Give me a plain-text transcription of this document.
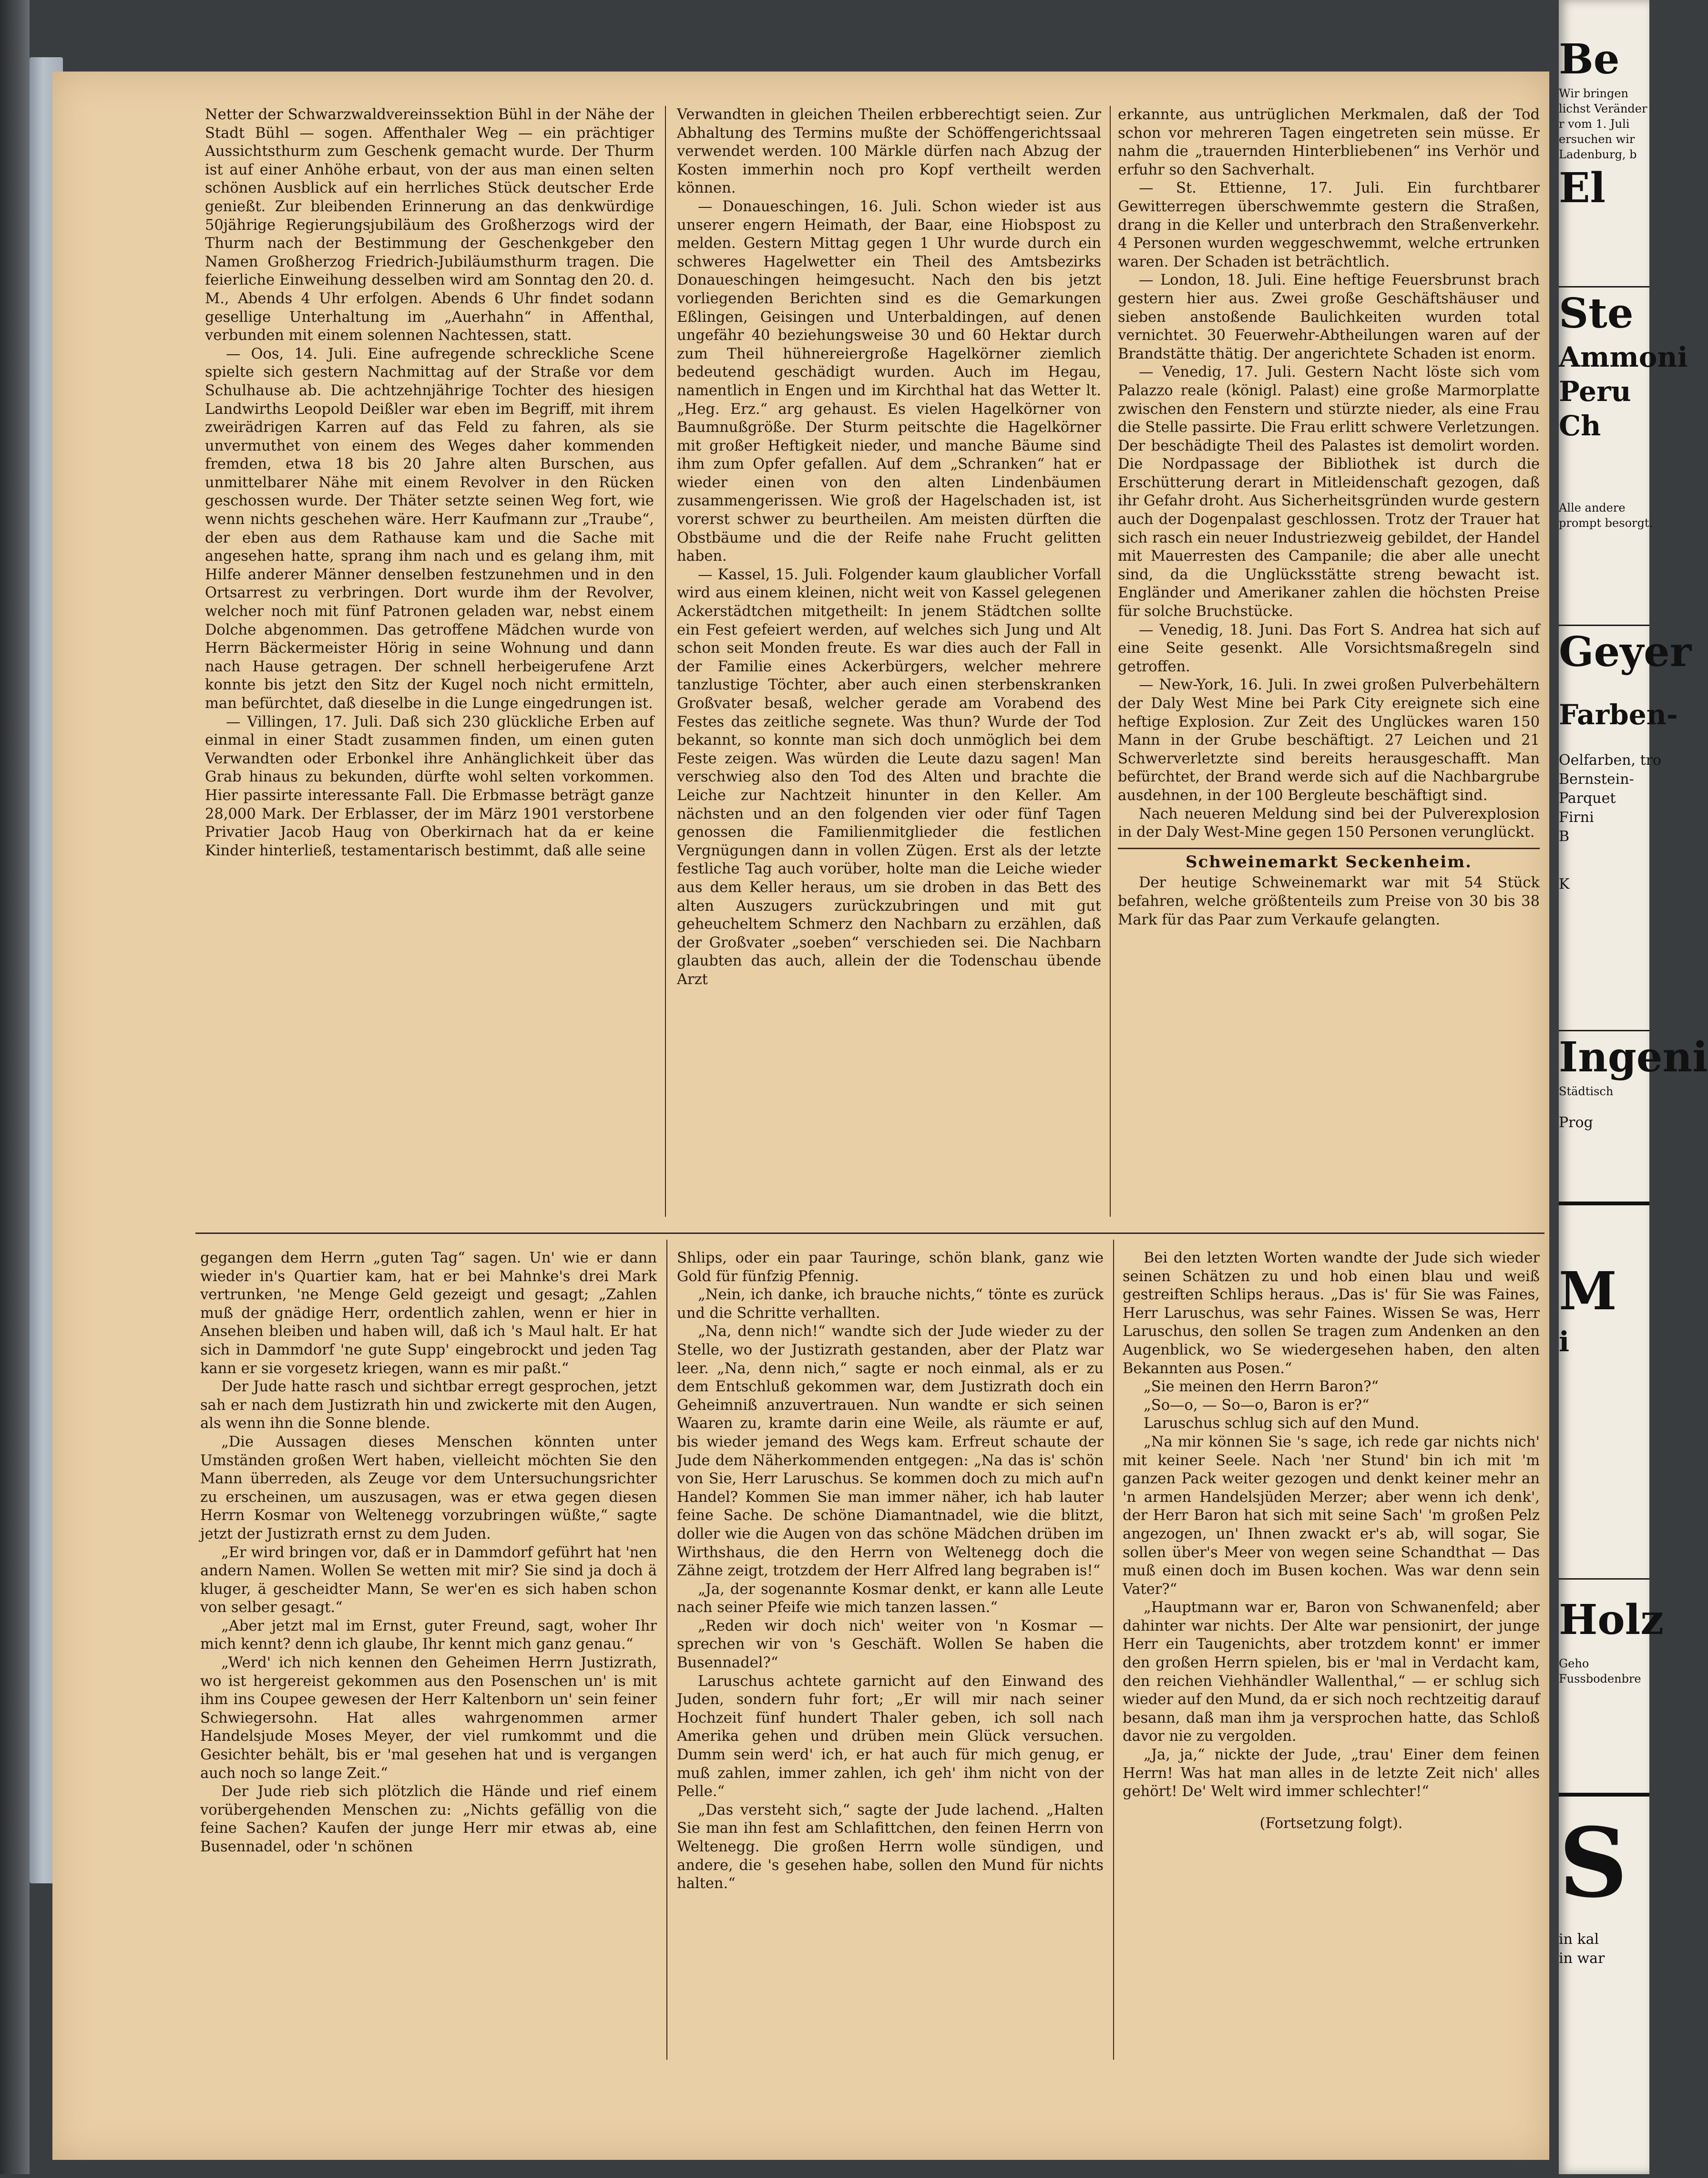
Netter der Schwarzwaldvereinssektion Bühl in der Nähe der Stadt Bühl — sogen. Affenthaler Weg — ein prächtiger Aussichtsthurm zum Geschenk gemacht wurde. Der Thurm ist auf einer Anhöhe erbaut, von der aus man einen selten schönen Ausblick auf ein herrliches Stück deutscher Erde genießt. Zur bleibenden Erinnerung an das denkwürdige 50jährige Regierungsjubiläum des Großherzogs wird der Thurm nach der Bestimmung der Geschenkgeber den Namen Großherzog Friedrich-Jubiläumsthurm tragen. Die feierliche Einweihung desselben wird am Sonntag den 20. d. M., Abends 4 Uhr erfolgen. Abends 6 Uhr findet sodann gesellige Unterhaltung im „Auerhahn“ in Affenthal, verbunden mit einem solennen Nachtessen, statt.

— Oos, 14. Juli. Eine aufregende schreckliche Scene spielte sich gestern Nachmittag auf der Straße vor dem Schulhause ab. Die achtzehnjährige Tochter des hiesigen Landwirths Leopold Deißler war eben im Begriff, mit ihrem zweirädrigen Karren auf das Feld zu fahren, als sie unvermuthet von einem des Weges daher kommenden fremden, etwa 18 bis 20 Jahre alten Burschen, aus unmittelbarer Nähe mit einem Revolver in den Rücken geschossen wurde. Der Thäter setzte seinen Weg fort, wie wenn nichts geschehen wäre. Herr Kaufmann zur „Traube“, der eben aus dem Rathause kam und die Sache mit angesehen hatte, sprang ihm nach und es gelang ihm, mit Hilfe anderer Männer denselben festzunehmen und in den Ortsarrest zu verbringen. Dort wurde ihm der Revolver, welcher noch mit fünf Patronen geladen war, nebst einem Dolche abgenommen. Das getroffene Mädchen wurde von Herrn Bäckermeister Hörig in seine Wohnung und dann nach Hause getragen. Der schnell herbeigerufene Arzt konnte bis jetzt den Sitz der Kugel noch nicht ermitteln, man befürchtet, daß dieselbe in die Lunge eingedrungen ist.

— Villingen, 17. Juli. Daß sich 230 glückliche Erben auf einmal in einer Stadt zusammen finden, um einen guten Verwandten oder Erbonkel ihre Anhänglichkeit über das Grab hinaus zu bekunden, dürfte wohl selten vorkommen. Hier passirte interessante Fall. Die Erbmasse beträgt ganze 28,000 Mark. Der Erblasser, der im März 1901 verstorbene Privatier Jacob Haug von Oberkirnach hat da er keine Kinder hinterließ, testamentarisch bestimmt, daß alle seine

Verwandten in gleichen Theilen erbberechtigt seien. Zur Abhaltung des Termins mußte der Schöffengerichtssaal verwendet werden. 100 Märkle dürfen nach Abzug der Kosten immerhin noch pro Kopf vertheilt werden können.

— Donaueschingen, 16. Juli. Schon wieder ist aus unserer engern Heimath, der Baar, eine Hiobspost zu melden. Gestern Mittag gegen 1 Uhr wurde durch ein schweres Hagelwetter ein Theil des Amtsbezirks Donaueschingen heimgesucht. Nach den bis jetzt vorliegenden Berichten sind es die Gemarkungen Eßlingen, Geisingen und Unterbaldingen, auf denen ungefähr 40 beziehungsweise 30 und 60 Hektar durch zum Theil hühnereiergroße Hagelkörner ziemlich bedeutend geschädigt wurden. Auch im Hegau, namentlich in Engen und im Kirchthal hat das Wetter lt. „Heg. Erz.“ arg gehaust. Es vielen Hagelkörner von Baumnußgröße. Der Sturm peitschte die Hagelkörner mit großer Heftigkeit nieder, und manche Bäume sind ihm zum Opfer gefallen. Auf dem „Schranken“ hat er wieder einen von den alten Lindenbäumen zusammengerissen. Wie groß der Hagelschaden ist, ist vorerst schwer zu beurtheilen. Am meisten dürften die Obstbäume und die der Reife nahe Frucht gelitten haben.

— Kassel, 15. Juli. Folgender kaum glaublicher Vorfall wird aus einem kleinen, nicht weit von Kassel gelegenen Ackerstädtchen mitgetheilt: In jenem Städtchen sollte ein Fest gefeiert werden, auf welches sich Jung und Alt schon seit Monden freute. Es war dies auch der Fall in der Familie eines Ackerbürgers, welcher mehrere tanzlustige Töchter, aber auch einen sterbenskranken Großvater besaß, welcher gerade am Vorabend des Festes das zeitliche segnete. Was thun? Wurde der Tod bekannt, so konnte man sich doch unmöglich bei dem Feste zeigen. Was würden die Leute dazu sagen! Man verschwieg also den Tod des Alten und brachte die Leiche zur Nachtzeit hinunter in den Keller. Am nächsten und an den folgenden vier oder fünf Tagen genossen die Familienmitglieder die festlichen Vergnügungen dann in vollen Zügen. Erst als der letzte festliche Tag auch vorüber, holte man die Leiche wieder aus dem Keller heraus, um sie droben in das Bett des alten Auszugers zurückzubringen und mit gut geheucheltem Schmerz den Nachbarn zu erzählen, daß der Großvater „soeben“ verschieden sei. Die Nachbarn glaubten das auch, allein der die Todenschau übende Arzt

erkannte, aus untrüglichen Merkmalen, daß der Tod schon vor mehreren Tagen eingetreten sein müsse. Er nahm die „trauernden Hinterbliebenen“ ins Verhör und erfuhr so den Sachverhalt.

— St. Ettienne, 17. Juli. Ein furchtbarer Gewitterregen überschwemmte gestern die Straßen, drang in die Keller und unterbrach den Straßenverkehr. 4 Personen wurden weggeschwemmt, welche ertrunken waren. Der Schaden ist beträchtlich.

— London, 18. Juli. Eine heftige Feuersbrunst brach gestern hier aus. Zwei große Geschäftshäuser und sieben anstoßende Baulichkeiten wurden total vernichtet. 30 Feuerwehr-Abtheilungen waren auf der Brandstätte thätig. Der angerichtete Schaden ist enorm.

— Venedig, 17. Juli. Gestern Nacht löste sich vom Palazzo reale (königl. Palast) eine große Marmorplatte zwischen den Fenstern und stürzte nieder, als eine Frau die Stelle passirte. Die Frau erlitt schwere Verletzungen. Der beschädigte Theil des Palastes ist demolirt worden. Die Nordpassage der Bibliothek ist durch die Erschütterung derart in Mitleidenschaft gezogen, daß ihr Gefahr droht. Aus Sicherheitsgründen wurde gestern auch der Dogenpalast geschlossen. Trotz der Trauer hat sich rasch ein neuer Industriezweig gebildet, der Handel mit Mauerresten des Campanile; die aber alle unecht sind, da die Unglücksstätte streng bewacht ist. Engländer und Amerikaner zahlen die höchsten Preise für solche Bruchstücke.

— Venedig, 18. Juni. Das Fort S. Andrea hat sich auf eine Seite gesenkt. Alle Vorsichtsmaßregeln sind getroffen.

— New-York, 16. Juli. In zwei großen Pulverbehältern der Daly West Mine bei Park City ereignete sich eine heftige Explosion. Zur Zeit des Unglückes waren 150 Mann in der Grube beschäftigt. 27 Leichen und 21 Schwerverletzte sind bereits herausgeschafft. Man befürchtet, der Brand werde sich auf die Nachbargrube ausdehnen, in der 100 Bergleute beschäftigt sind.

Nach neueren Meldung sind bei der Pulverexplosion in der Daly West-Mine gegen 150 Personen verunglückt.

Schweinemarkt Seckenheim.

Der heutige Schweinemarkt war mit 54 Stück befahren, welche größtenteils zum Preise von 30 bis 38 Mark für das Paar zum Verkaufe gelangten.

gegangen dem Herrn „guten Tag“ sagen. Un' wie er dann wieder in's Quartier kam, hat er bei Mahnke's drei Mark vertrunken, 'ne Menge Geld gezeigt und gesagt; „Zahlen muß der gnädige Herr, ordentlich zahlen, wenn er hier in Ansehen bleiben und haben will, daß ich 's Maul halt. Er hat sich in Dammdorf 'ne gute Supp' eingebrockt und jeden Tag kann er sie vorgesetz kriegen, wann es mir paßt.“

Der Jude hatte rasch und sichtbar erregt gesprochen, jetzt sah er nach dem Justizrath hin und zwickerte mit den Augen, als wenn ihn die Sonne blende.

„Die Aussagen dieses Menschen könnten unter Umständen großen Wert haben, vielleicht möchten Sie den Mann überreden, als Zeuge vor dem Untersuchungsrichter zu erscheinen, um auszusagen, was er etwa gegen diesen Herrn Kosmar von Weltenegg vorzubringen wüßte,“ sagte jetzt der Justizrath ernst zu dem Juden.

„Er wird bringen vor, daß er in Dammdorf geführt hat 'nen andern Namen. Wollen Se wetten mit mir? Sie sind ja doch ä kluger, ä gescheidter Mann, Se wer'en es sich haben schon von selber gesagt.“

„Aber jetzt mal im Ernst, guter Freund, sagt, woher Ihr mich kennt? denn ich glaube, Ihr kennt mich ganz genau.“

„Werd' ich nich kennen den Geheimen Herrn Justizrath, wo ist hergereist gekommen aus den Posenschen un' is mit ihm ins Coupee gewesen der Herr Kaltenborn un' sein feiner Schwiegersohn. Hat alles wahrgenommen armer Handelsjude Moses Meyer, der viel rumkommt und die Gesichter behält, bis er 'mal gesehen hat und is vergangen auch noch so lange Zeit.“

Der Jude rieb sich plötzlich die Hände und rief einem vorübergehenden Menschen zu: „Nichts gefällig von die feine Sachen? Kaufen der junge Herr mir etwas ab, eine Busennadel, oder 'n schönen

Shlips, oder ein paar Tauringe, schön blank, ganz wie Gold für fünfzig Pfennig.

„Nein, ich danke, ich brauche nichts,“ tönte es zurück und die Schritte verhallten.

„Na, denn nich!“ wandte sich der Jude wieder zu der Stelle, wo der Justizrath gestanden, aber der Platz war leer. „Na, denn nich,“ sagte er noch einmal, als er zu dem Entschluß gekommen war, dem Justizrath doch ein Geheimniß anzuvertrauen. Nun wandte er sich seinen Waaren zu, kramte darin eine Weile, als räumte er auf, bis wieder jemand des Wegs kam. Erfreut schaute der Jude dem Näherkommenden entgegen: „Na das is' schön von Sie, Herr Laruschus. Se kommen doch zu mich auf'n Handel? Kommen Sie man immer näher, ich hab lauter feine Sache. De schöne Diamantnadel, wie die blitzt, doller wie die Augen von das schöne Mädchen drüben im Wirthshaus, die den Herrn von Weltenegg doch die Zähne zeigt, trotzdem der Herr Alfred lang begraben is!“

„Ja, der sogenannte Kosmar denkt, er kann alle Leute nach seiner Pfeife wie mich tanzen lassen.“

„Reden wir doch nich' weiter von 'n Kosmar — sprechen wir von 's Geschäft. Wollen Se haben die Busennadel?“

Laruschus achtete garnicht auf den Einwand des Juden, sondern fuhr fort; „Er will mir nach seiner Hochzeit fünf hundert Thaler geben, ich soll nach Amerika gehen und drüben mein Glück versuchen. Dumm sein werd' ich, er hat auch für mich genug, er muß zahlen, immer zahlen, ich geh' ihm nicht von der Pelle.“

„Das versteht sich,“ sagte der Jude lachend. „Halten Sie man ihn fest am Schlafittchen, den feinen Herrn von Weltenegg. Die großen Herrn wolle sündigen, und andere, die 's gesehen habe, sollen den Mund für nichts halten.“

Bei den letzten Worten wandte der Jude sich wieder seinen Schätzen zu und hob einen blau und weiß gestreiften Schlips heraus. „Das is' für Sie was Faines, Herr Laruschus, was sehr Faines. Wissen Se was, Herr Laruschus, den sollen Se tragen zum Andenken an den Augenblick, wo Se wiedergesehen haben, den alten Bekannten aus Posen.“

„Sie meinen den Herrn Baron?“

„So—o, — So—o, Baron is er?“

Laruschus schlug sich auf den Mund.

„Na mir können Sie 's sage, ich rede gar nichts nich' mit keiner Seele. Nach 'ner Stund' bin ich mit 'm ganzen Pack weiter gezogen und denkt keiner mehr an 'n armen Handelsjüden Merzer; aber wenn ich denk', der Herr Baron hat sich mit seine Sach' 'm großen Pelz angezogen, un' Ihnen zwackt er's ab, will sogar, Sie sollen über's Meer von wegen seine Schandthat — Das muß einen doch im Busen kochen. Was war denn sein Vater?“

„Hauptmann war er, Baron von Schwanenfeld; aber dahinter war nichts. Der Alte war pensionirt, der junge Herr ein Taugenichts, aber trotzdem konnt' er immer den großen Herrn spielen, bis er 'mal in Verdacht kam, den reichen Viehhändler Wallenthal,“ — er schlug sich wieder auf den Mund, da er sich noch rechtzeitig darauf besann, daß man ihm ja versprochen hatte, das Schloß davor nie zu vergolden.

„Ja, ja,“ nickte der Jude, „trau' Einer dem feinen Herrn! Was hat man alles in de letzte Zeit nich' alles gehört! De' Welt wird immer schlechter!“

(Fortsetzung folgt).

Be
Wir bringen
lichst Veränder
r vom 1. Juli
ersuchen wir
Ladenburg, b
El
Ste
Ammoni
Peru
Ch
Alle andere
prompt besorgt.
Geyer
Farben-
Oelfarben, tro
Bernstein-
Parquet
Firni
B
K
Ingeni
Städtisch
Prog
M
i
Holz
Geho
Fussbodenbre
S
in kal
in war
